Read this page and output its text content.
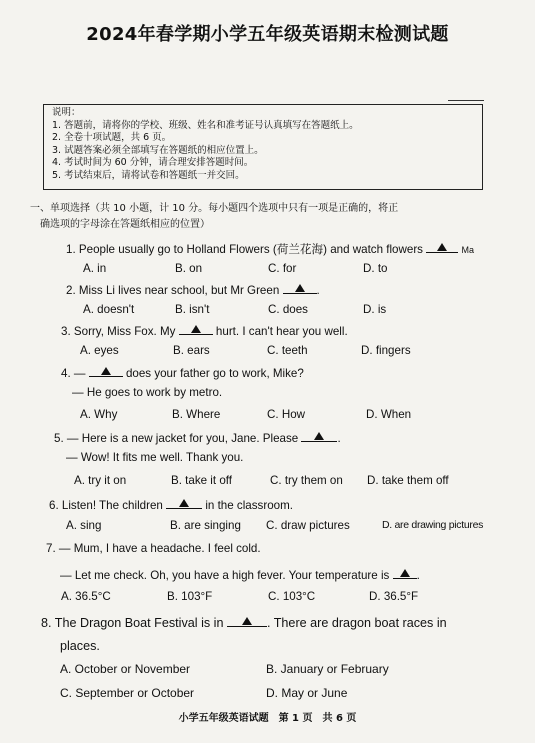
2024年春学期小学五年级英语期末检测试题
说明：
1. 答题前，请将你的学校、班级、姓名和准考证号认真填写在答题纸上。
2. 全卷十项试题，共 6 页。
3. 试题答案必须全部填写在答题纸的相应位置上。
4. 考试时间为 60 分钟，请合理安排答题时间。
5. 考试结束后，请将试卷和答题纸一并交回。
一、单项选择（共 10 小题，计 10 分。每小题四个选项中只有一项是正确的，将正
确选项的字母涂在答题纸相应的位置）
1. People usually go to Holland Flowers (荷兰花海) and watch flowers	Ma
A. in	B. on	C. for	D. to
2. Miss Li lives near school, but Mr Green	.
A. doesn't	B. isn't	C. does	D. is
3. Sorry, Miss Fox. My	hurt. I can't hear you well.
A. eyes	B. ears	C. teeth	D. fingers
4. —	does your father go to work, Mike?
— He goes to work by metro.
A. Why	B. Where	C. How	D. When
5. — Here is a new jacket for you, Jane. Please	.
— Wow! It fits me well. Thank you.
A. try it on	B. take it off	C. try them on D. take them off
6. Listen! The children	in the classroom.
A. sing	B. are singing C. draw pictures	D. are drawing pictures
7. — Mum, I have a headache. I feel cold.
— Let me check. Oh, you have a high fever. Your temperature is .
A. 36.5°C	B. 103°F	C. 103°C	D. 36.5°F
8. The Dragon Boat Festival is in	. There are dragon boat races in
places.
A. October or November	B. January or February
C. September or October	D. May or June
小学五年级英语试题　第 1 页　共 6 页
